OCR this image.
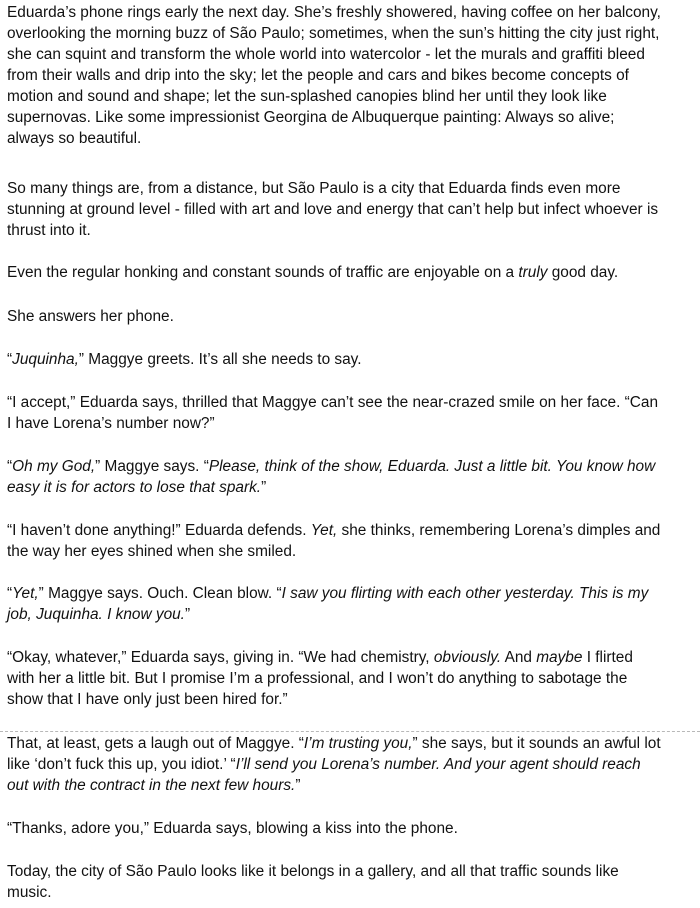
Eduarda’s phone rings early the next day. She’s freshly showered, having coffee on her balcony,
overlooking the morning buzz of São Paulo; sometimes, when the sun’s hitting the city just right,
she can squint and transform the whole world into watercolor - let the murals and graffiti bleed
from their walls and drip into the sky; let the people and cars and bikes become concepts of
motion and sound and shape; let the sun-splashed canopies blind her until they look like
supernovas. Like some impressionist Georgina de Albuquerque painting: Always so alive;
always so beautiful.

So many things are, from a distance, but São Paulo is a city that Eduarda finds even more
stunning at ground level - filled with art and love and energy that can’t help but infect whoever is
thrust into it.

Even the regular honking and constant sounds of traffic are enjoyable on a truly good day.

She answers her phone.

“Juquinha,” Maggye greets. It’s all she needs to say.

“I accept,” Eduarda says, thrilled that Maggye can’t see the near-crazed smile on her face. “Can
I have Lorena’s number now?”

“Oh my God,” Maggye says. “Please, think of the show, Eduarda. Just a little bit. You know how
easy it is for actors to lose that spark.”

“I haven’t done anything!” Eduarda defends. Yet, she thinks, remembering Lorena’s dimples and
the way her eyes shined when she smiled.

“Yet,” Maggye says. Ouch. Clean blow. “I saw you flirting with each other yesterday. This is my
job, Juquinha. I know you.”

“Okay, whatever,” Eduarda says, giving in. “We had chemistry, obviously. And maybe I flirted
with her a little bit. But I promise I’m a professional, and I won’t do anything to sabotage the
show that I have only just been hired for.”

That, at least, gets a laugh out of Maggye. “I’m trusting you,” she says, but it sounds an awful lot
like ‘don’t fuck this up, you idiot.’ “I’ll send you Lorena’s number. And your agent should reach
out with the contract in the next few hours.”

“Thanks, adore you,” Eduarda says, blowing a kiss into the phone.

Today, the city of São Paulo looks like it belongs in a gallery, and all that traffic sounds like
music.
